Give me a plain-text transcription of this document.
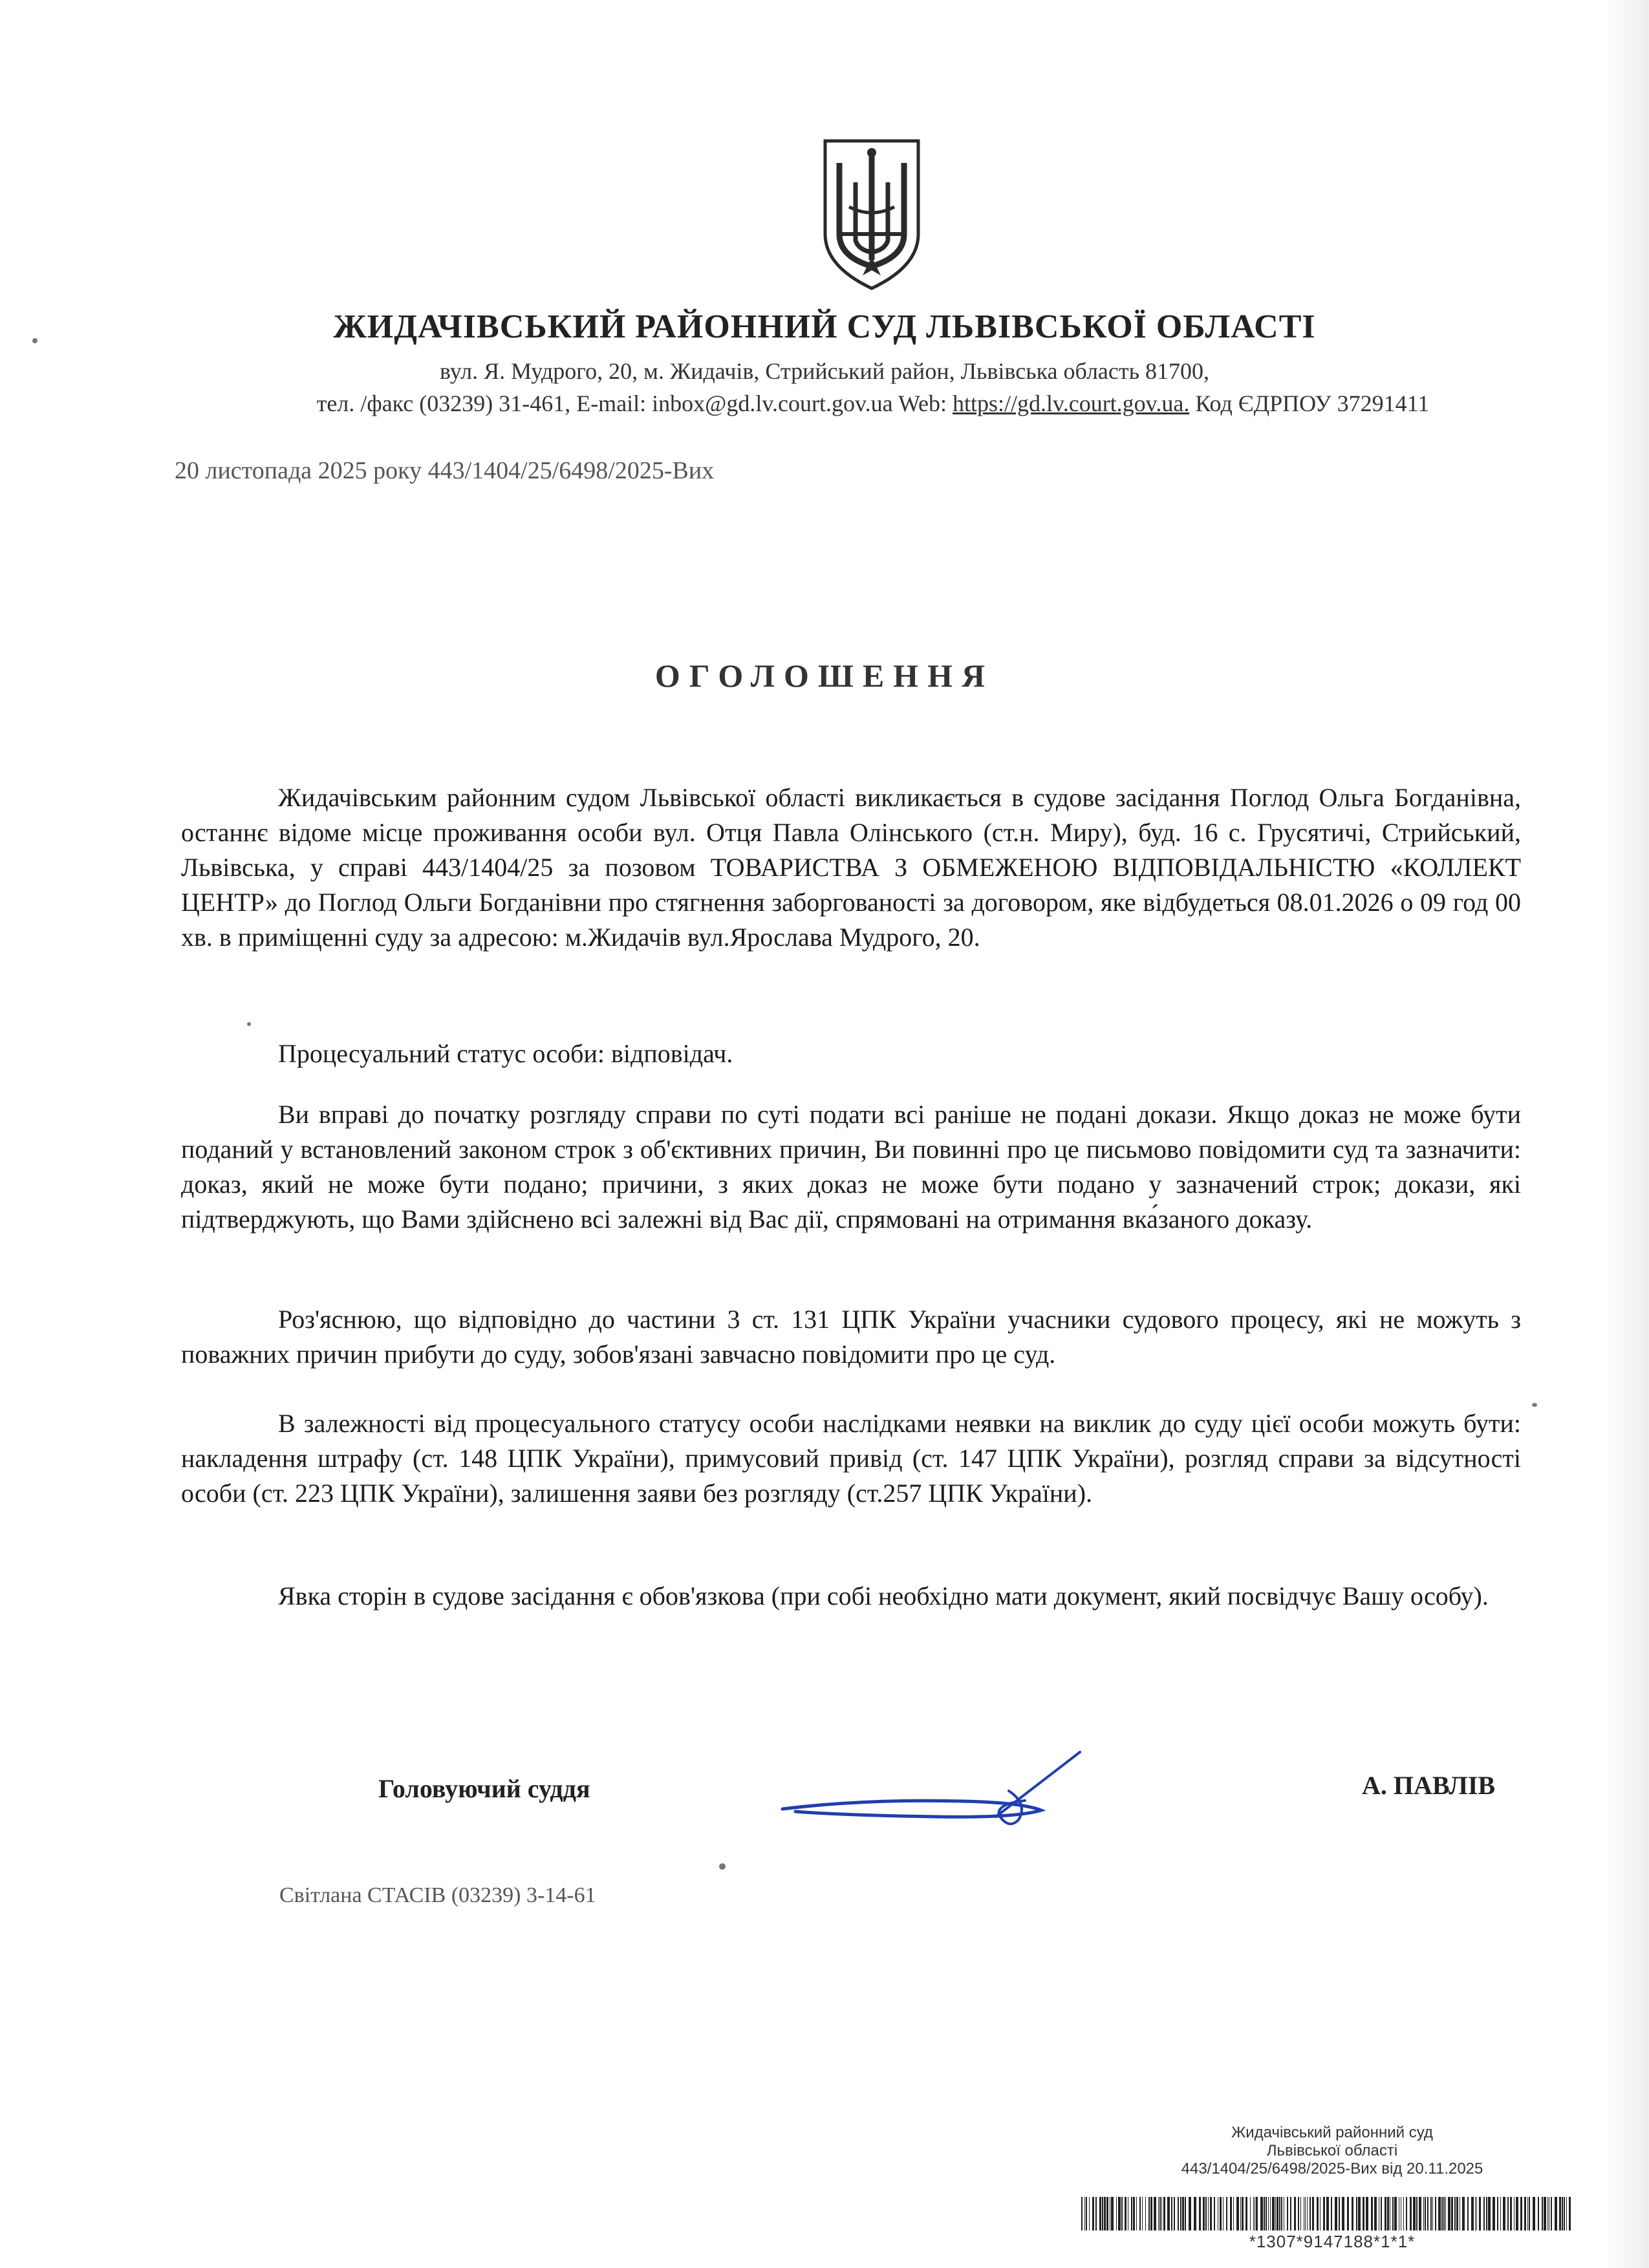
ЖИДАЧІВСЬКИЙ РАЙОННИЙ СУД ЛЬВІВСЬКОЇ ОБЛАСТІ
вул. Я. Мудрого, 20, м. Жидачів, Стрийський район, Львівська область 81700,
тел. /факс (03239) 31-461, E-mail: inbox@gd.lv.court.gov.ua Web: https://gd.lv.court.gov.ua. Код ЄДРПОУ 37291411
20 листопада 2025 року 443/1404/25/6498/2025-Вих
ОГОЛОШЕННЯ

Жидачівським районним судом Львівської області викликається в судове засідання Поглод Ольга Богданівна, останнє відоме місце проживання особи вул. Отця Павла Олінського (ст.н. Миру), буд. 16 с. Грусятичі, Стрийський, Львівська, у справі 443/1404/25 за позовом ТОВАРИСТВА З ОБМЕЖЕНОЮ ВІДПОВІДАЛЬНІСТЮ «КОЛЛЕКТ ЦЕНТР» до Поглод Ольги Богданівни про стягнення заборгованості за договором, яке відбудеться 08.01.2026 о 09 год 00 хв. в приміщенні суду за адресою: м.Жидачів вул.Ярослава Мудрого, 20.

Процесуальний статус особи: відповідач.

Ви вправі до початку розгляду справи по суті подати всі раніше не подані докази. Якщо доказ не може бути поданий у встановлений законом строк з об'єктивних причин, Ви повинні про це письмово повідомити суд та зазначити: доказ, який не може бути подано; причини, з яких доказ не може бути подано у зазначений строк; докази, які підтверджують, що Вами здійснено всі залежні від Вас дії, спрямовані на отримання вка́заного доказу.

Роз'яснюю, що відповідно до частини 3 ст. 131 ЦПК України учасники судового процесу, які не можуть з поважних причин прибути до суду, зобов'язані завчасно повідомити про це суд.

В залежності від процесуального статусу особи наслідками неявки на виклик до суду цієї особи можуть бути: накладення штрафу (ст. 148 ЦПК України), примусовий привід (ст. 147 ЦПК України), розгляд справи за відсутності особи (ст. 223 ЦПК України), залишення заяви без розгляду (ст.257 ЦПК України).

Явка сторін в судове засідання є обов'язкова (при собі необхідно мати документ, який посвідчує Вашу особу).

Головуючий суддя	А. ПАВЛІВ
Світлана СТАСІВ (03239) 3-14-61
Жидачівський районний суд
Львівської області
443/1404/25/6498/2025-Вих від 20.11.2025
*1307*9147188*1*1*
